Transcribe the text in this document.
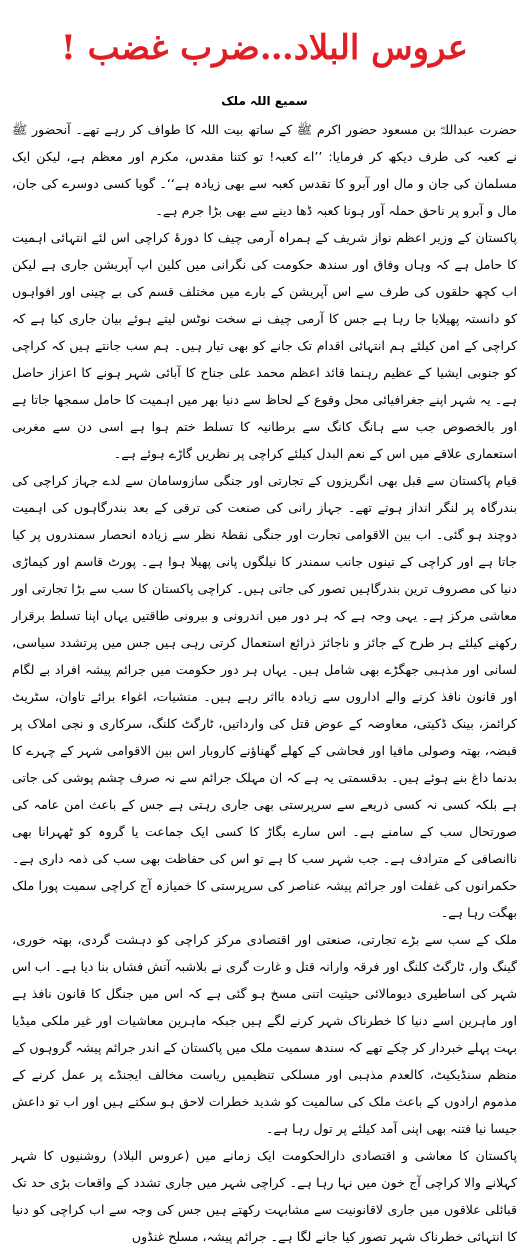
عروس البلاد…ضرب غضب !
سمیع اللہ ملک

حضرت عبداللہؓ بن مسعود حضور اکرم ﷺ کے ساتھ بیت اللہ کا طواف کر رہے تھے۔ آنحضور ﷺ نے کعبہ کی طرف دیکھ کر فرمایا: ’’اے کعبہ! تو کتنا مقدس، مکرم اور معظم ہے، لیکن ایک مسلمان کی جان و مال اور آبرو کا تقدس کعبہ سے بھی زیادہ ہے‘‘۔ گویا کسی دوسرے کی جان، مال و آبرو پر ناحق حملہ آور ہونا کعبہ ڈھا دینے سے بھی بڑا جرم ہے۔

پاکستان کے وزیر اعظم نواز شریف کے ہمراہ آرمی چیف کا دورۂ کراچی اس لئے انتہائی اہمیت کا حامل ہے کہ وہاں وفاق اور سندھ حکومت کی نگرانی میں کلین اپ آپریشن جاری ہے لیکن اب کچھ حلقوں کی طرف سے اس آپریشن کے بارے میں مختلف قسم کی بے چینی اور افواہوں کو دانستہ پھیلایا جا رہا ہے جس کا آرمی چیف نے سخت نوٹس لیتے ہوئے بیان جاری کیا ہے کہ کراچی کے امن کیلئے ہم انتہائی اقدام تک جانے کو بھی تیار ہیں۔ ہم سب جانتے ہیں کہ کراچی کو جنوبی ایشیا کے عظیم رہنما قائد اعظم محمد علی جناح کا آبائی شہر ہونے کا اعزاز حاصل ہے۔ یہ شہر اپنے جغرافیائی محل وقوع کے لحاظ سے دنیا بھر میں اہمیت کا حامل سمجھا جاتا ہے اور بالخصوص جب سے ہانگ کانگ سے برطانیہ کا تسلط ختم ہوا ہے اسی دن سے مغربی استعماری علاقے میں اس کے نعم البدل کیلئے کراچی پر نظریں گاڑے ہوئے ہے۔

قیام پاکستان سے قبل بھی انگریزوں کے تجارتی اور جنگی سازوسامان سے لدے جہاز کراچی کی بندرگاہ پر لنگر انداز ہوتے تھے۔ جہاز رانی کی صنعت کی ترقی کے بعد بندرگاہوں کی اہمیت دوچند ہو گئی۔ اب بین الاقوامی تجارت اور جنگی نقطۂ نظر سے زیادہ انحصار سمندروں پر کیا جاتا ہے اور کراچی کے تینوں جانب سمندر کا نیلگوں پانی پھیلا ہوا ہے۔ پورٹ قاسم اور کیماڑی دنیا کی مصروف ترین بندرگاہیں تصور کی جاتی ہیں۔ کراچی پاکستان کا سب سے بڑا تجارتی اور معاشی مرکز ہے۔ یہی وجہ ہے کہ ہر دور میں اندرونی و بیرونی طاقتیں یہاں اپنا تسلط برقرار رکھنے کیلئے ہر طرح کے جائز و ناجائز ذرائع استعمال کرتی رہی ہیں جس میں پرتشدد سیاسی، لسانی اور مذہبی جھگڑے بھی شامل ہیں۔ یہاں ہر دور حکومت میں جرائم پیشہ افراد بے لگام اور قانون نافذ کرنے والے اداروں سے زیادہ بااثر رہے ہیں۔ منشیات، اغواء برائے تاوان، سٹریٹ کرائمز، بینک ڈکیتی، معاوضہ کے عوض قتل کی وارداتیں، ٹارگٹ کلنگ، سرکاری و نجی املاک پر قبضہ، بھتہ وصولی مافیا اور فحاشی کے کھلے گھناؤنے کاروبار اس بین الاقوامی شہر کے چہرے کا بدنما داغ بنے ہوئے ہیں۔ بدقسمتی یہ ہے کہ ان مہلک جرائم سے نہ صرف چشم پوشی کی جاتی ہے بلکہ کسی نہ کسی ذریعے سے سرپرستی بھی جاری رہتی ہے جس کے باعث امن عامہ کی صورتحال سب کے سامنے ہے۔ اس سارے بگاڑ کا کسی ایک جماعت یا گروہ کو ٹھہرانا بھی ناانصافی کے مترادف ہے۔ جب شہر سب کا ہے تو اس کی حفاظت بھی سب کی ذمہ داری ہے۔ حکمرانوں کی غفلت اور جرائم پیشہ عناصر کی سرپرستی کا خمیازہ آج کراچی سمیت پورا ملک بھگت رہا ہے۔

ملک کے سب سے بڑے تجارتی، صنعتی اور اقتصادی مرکز کراچی کو دہشت گردی، بھتہ خوری، گینگ وار، ٹارگٹ کلنگ اور فرقہ وارانہ قتل و غارت گری نے بلاشبہ آتش فشاں بنا دیا ہے۔ اب اس شہر کی اساطیری دیومالائی حیثیت اتنی مسخ ہو گئی ہے کہ اس میں جنگل کا قانون نافذ ہے اور ماہرین اسے دنیا کا خطرناک شہر کرنے لگے ہیں جبکہ ماہرین معاشیات اور غیر ملکی میڈیا بہت پہلے خبردار کر چکے تھے کہ سندھ سمیت ملک میں پاکستان کے اندر جرائم پیشہ گروہوں کے منظم سنڈیکیٹ، کالعدم مذہبی اور مسلکی تنظیمیں ریاست مخالف ایجنڈے پر عمل کرنے کے مذموم ارادوں کے باعث ملک کی سالمیت کو شدید خطرات لاحق ہو سکتے ہیں اور اب تو داعش جیسا نیا فتنہ بھی اپنی آمد کیلئے پر تول رہا ہے۔

پاکستان کا معاشی و اقتصادی دارالحکومت ایک زمانے میں (عروس البلاد) روشنیوں کا شہر کہلانے والا کراچی آج خون میں نہا رہا ہے۔ کراچی شہر میں جاری تشدد کے واقعات بڑی حد تک قبائلی علاقوں میں جاری لاقانونیت سے مشابہت رکھتے ہیں جس کی وجہ سے اب کراچی کو دنیا کا انتہائی خطرناک شہر تصور کیا جانے لگا ہے۔ جرائم پیشہ، مسلح غنڈوں
